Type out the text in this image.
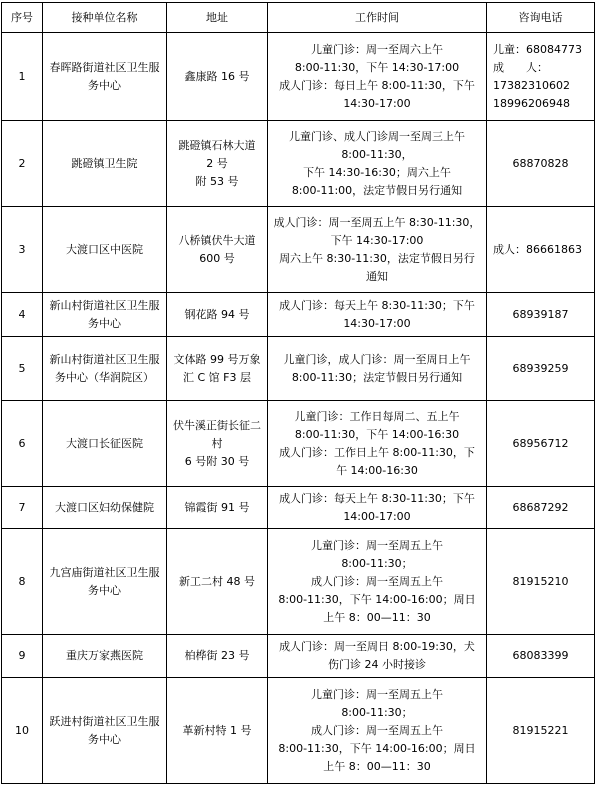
序号	接种单位名称	地址	工作时间	咨询电话
1	春晖路街道社区卫生服务中心	鑫康路 16 号	儿童门诊：周一至周六上午
8:00-11:30，下午 14:30-17:00
成人门诊：每日上午 8:00-11:30，下午
14:30-17:00	儿童：68084773
成　　人：
17382310602
18996206948
2	跳磴镇卫生院	跳磴镇石林大道
2 号
附 53 号	儿童门诊、成人门诊周一至周三上午
8:00-11:30，
下午 14:30-16:30；周六上午
8:00-11:00，法定节假日另行通知	68870828
3	大渡口区中医院	八桥镇伏牛大道
600 号	成人门诊：周一至周五上午 8:30-11:30，
下午 14:30-17:00
周六上午 8:30-11:30，法定节假日另行
通知	成人：86661863
4	新山村街道社区卫生服务中心	钢花路 94 号	成人门诊：每天上午 8:30-11:30；下午
14:30-17:00	68939187
5	新山村街道社区卫生服务中心（华润院区）	文体路 99 号万象汇 C 馆 F3 层	儿童门诊，成人门诊：周一至周日上午
8:00-11:30；法定节假日另行通知	68939259
6	大渡口长征医院	伏牛溪正街长征二村
6 号附 30 号	儿童门诊：工作日每周二、五上午
8:00-11:30，下午 14:00-16:30
成人门诊：工作日上午 8:00-11:30，下
午 14:00-16:30	68956712
7	大渡口区妇幼保健院	锦霞街 91 号	成人门诊：每天上午 8:30-11:30；下午
14:00-17:00	68687292
8	九宫庙街道社区卫生服务中心	新工二村 48 号	儿童门诊：周一至周五上午
8:00-11:30；
成人门诊：周一至周五上午
8:00-11:30，下午 14:00-16:00；周日
上午 8：00—11：30	81915210
9	重庆万家燕医院	柏桦街 23 号	成人门诊：周一至周日 8:00-19:30，犬
伤门诊 24 小时接诊	68083399
10	跃进村街道社区卫生服务中心	革新村特 1 号	儿童门诊：周一至周五上午
8:00-11:30；
成人门诊：周一至周五上午
8:00-11:30，下午 14:00-16:00；周日
上午 8：00—11：30	81915221
